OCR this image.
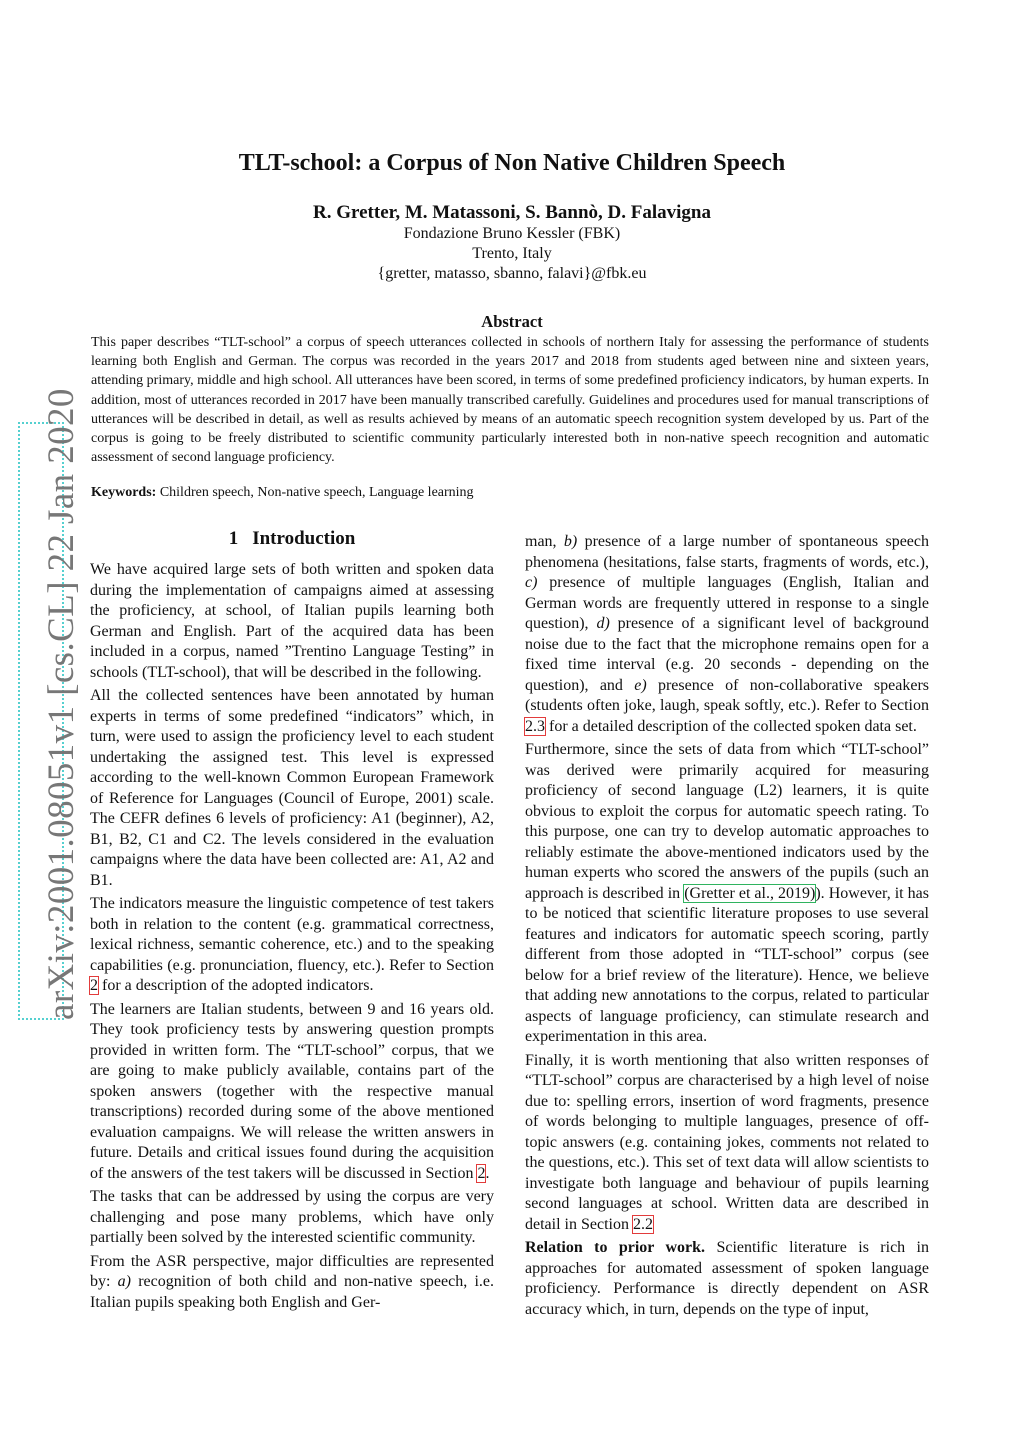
arXiv:2001.08051v1 [cs.CL] 22 Jan 2020
TLT-school: a Corpus of Non Native Children Speech
R. Gretter, M. Matassoni, S. Bannò, D. Falavigna
Fondazione Bruno Kessler (FBK)
Trento, Italy
{gretter, matasso, sbanno, falavi}@fbk.eu
Abstract
This paper describes “TLT-school” a corpus of speech utterances collected in schools of northern Italy for assessing the performance of students learning both English and German. The corpus was recorded in the years 2017 and 2018 from students aged between nine and sixteen years, attending primary, middle and high school. All utterances have been scored, in terms of some predefined proficiency indicators, by human experts. In addition, most of utterances recorded in 2017 have been manually transcribed carefully. Guidelines and procedures used for manual transcriptions of utterances will be described in detail, as well as results achieved by means of an automatic speech recognition system developed by us. Part of the corpus is going to be freely distributed to scientific community particularly interested both in non-native speech recognition and automatic assessment of second language proficiency.
Keywords: Children speech, Non-native speech, Language learning
1 Introduction

We have acquired large sets of both written and spoken data during the implementation of campaigns aimed at assessing the proficiency, at school, of Italian pupils learning both German and English. Part of the acquired data has been included in a corpus, named ”Trentino Language Testing” in schools (TLT-school), that will be described in the following.

All the collected sentences have been annotated by human experts in terms of some predefined “indicators” which, in turn, were used to assign the proficiency level to each student undertaking the assigned test. This level is expressed according to the well-known Common European Framework of Reference for Languages (Council of Europe, 2001) scale. The CEFR defines 6 levels of proficiency: A1 (beginner), A2, B1, B2, C1 and C2. The levels considered in the evaluation campaigns where the data have been collected are: A1, A2 and B1.

The indicators measure the linguistic competence of test takers both in relation to the content (e.g. grammatical correctness, lexical richness, semantic coherence, etc.) and to the speaking capabilities (e.g. pronunciation, fluency, etc.). Refer to Section 2 for a description of the adopted indicators.

The learners are Italian students, between 9 and 16 years old. They took proficiency tests by answering question prompts provided in written form. The “TLT-school” corpus, that we are going to make publicly available, contains part of the spoken answers (together with the respective manual transcriptions) recorded during some of the above mentioned evaluation campaigns. We will release the written answers in future. Details and critical issues found during the acquisition of the answers of the test takers will be discussed in Section 2.

The tasks that can be addressed by using the corpus are very challenging and pose many problems, which have only partially been solved by the interested scientific community.

From the ASR perspective, major difficulties are represented by: a) recognition of both child and non-native speech, i.e. Italian pupils speaking both English and Ger-

man, b) presence of a large number of spontaneous speech phenomena (hesitations, false starts, fragments of words, etc.), c) presence of multiple languages (English, Italian and German words are frequently uttered in response to a single question), d) presence of a significant level of background noise due to the fact that the microphone remains open for a fixed time interval (e.g. 20 seconds - depending on the question), and e) presence of non-collaborative speakers (students often joke, laugh, speak softly, etc.). Refer to Section 2.3 for a detailed description of the collected spoken data set.

Furthermore, since the sets of data from which “TLT-school” was derived were primarily acquired for measuring proficiency of second language (L2) learners, it is quite obvious to exploit the corpus for automatic speech rating. To this purpose, one can try to develop automatic approaches to reliably estimate the above-mentioned indicators used by the human experts who scored the answers of the pupils (such an approach is described in (Gretter et al., 2019)). However, it has to be noticed that scientific literature proposes to use several features and indicators for automatic speech scoring, partly different from those adopted in “TLT-school” corpus (see below for a brief review of the literature). Hence, we believe that adding new annotations to the corpus, related to particular aspects of language proficiency, can stimulate research and experimentation in this area.

Finally, it is worth mentioning that also written responses of “TLT-school” corpus are characterised by a high level of noise due to: spelling errors, insertion of word fragments, presence of words belonging to multiple languages, presence of off-topic answers (e.g. containing jokes, comments not related to the questions, etc.). This set of text data will allow scientists to investigate both language and behaviour of pupils learning second languages at school. Written data are described in detail in Section 2.2

Relation to prior work. Scientific literature is rich in approaches for automated assessment of spoken language proficiency. Performance is directly dependent on ASR accuracy which, in turn, depends on the type of input,
